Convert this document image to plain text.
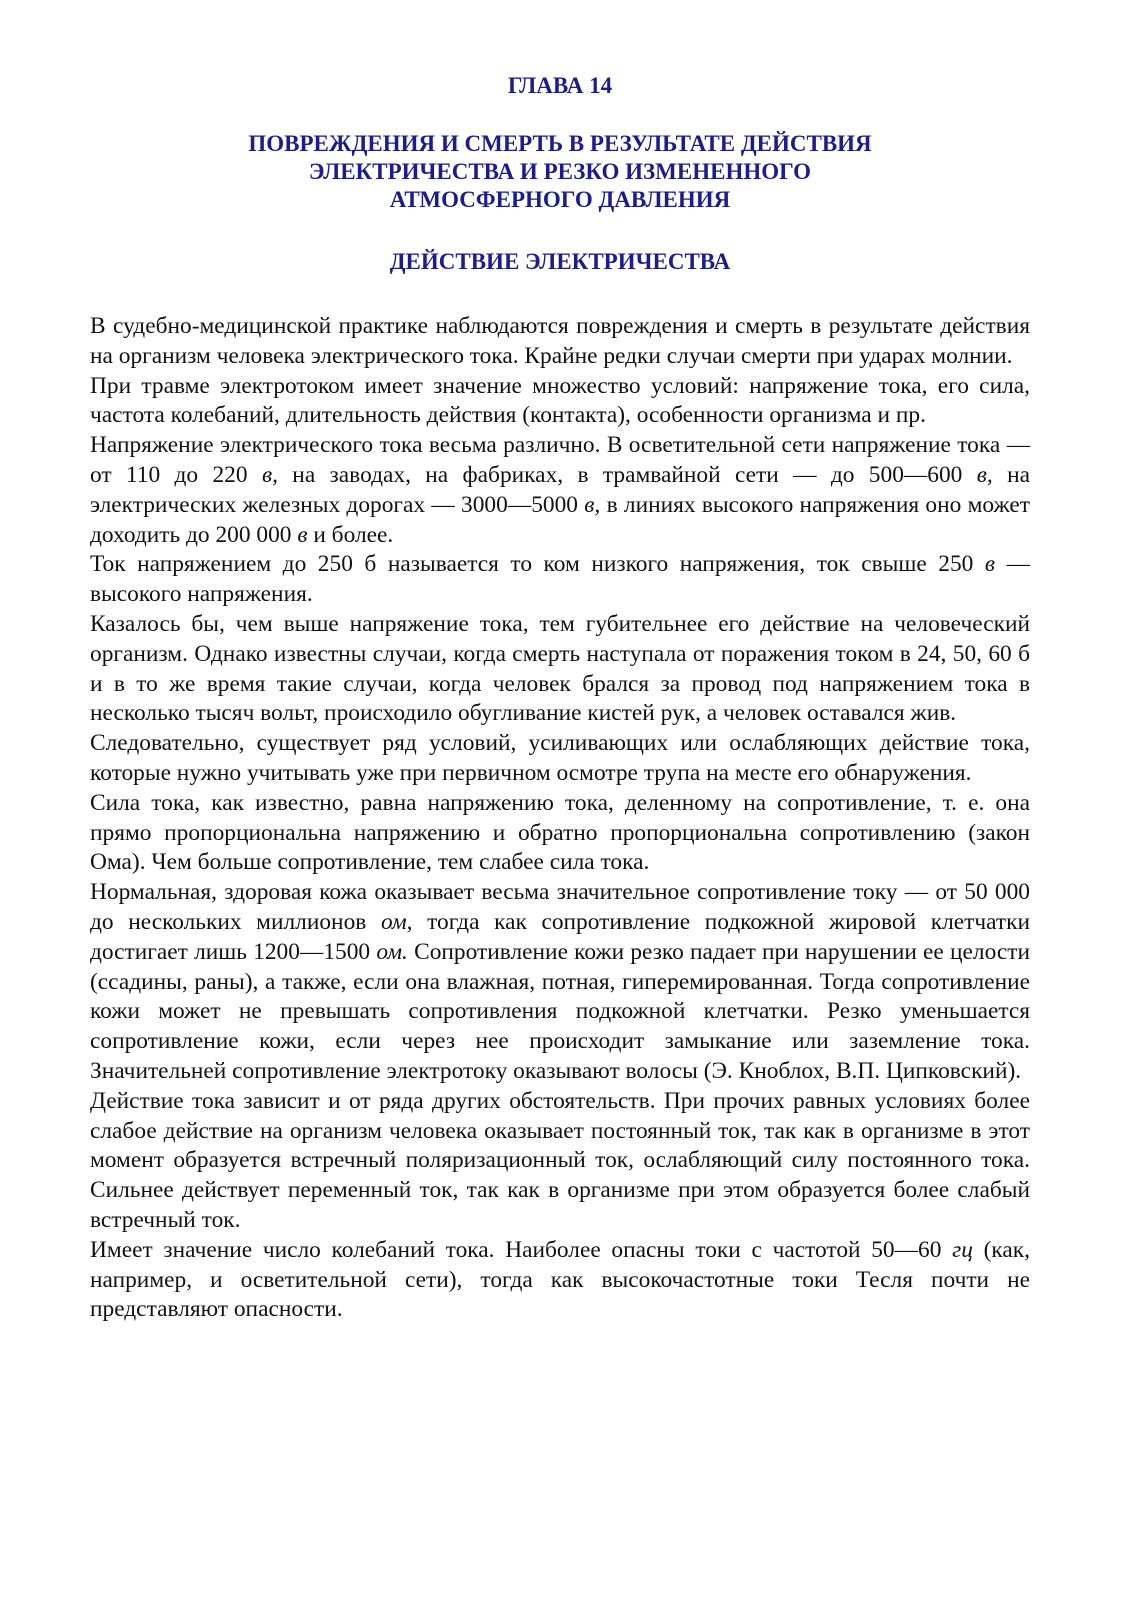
ГЛАВА 14
ПОВРЕЖДЕНИЯ И СМЕРТЬ В РЕЗУЛЬТАТЕ ДЕЙСТВИЯ
ЭЛЕКТРИЧЕСТВА И РЕЗКО ИЗМЕНЕННОГО
АТМОСФЕРНОГО ДАВЛЕНИЯ
ДЕЙСТВИЕ ЭЛЕКТРИЧЕСТВА

В судебно-медицинской практике наблюдаются повреждения и смерть в результате действия на организм человека электрического тока. Крайне редки случаи смерти при ударах молнии.

При травме электротоком имеет значение множество условий: напряжение тока, его сила, частота колебаний, длительность действия (контакта), особенности организма и пр.

Напряжение электрического тока весьма различно. В осветительной сети напряжение тока — от 110 до 220 в, на заводах, на фабриках, в трамвайной сети — до 500—600 в, на электрических железных дорогах — 3000—5000 в, в линиях высокого напряжения оно может доходить до 200 000 в и более.

Ток напряжением до 250 б называется то ком низкого напряжения, ток свыше 250 в — высокого напряжения.

Казалось бы, чем выше напряжение тока, тем губительнее его действие на человеческий организм. Однако известны случаи, когда смерть наступала от поражения током в 24, 50, 60 б и в то же время такие случаи, когда человек брался за провод под напряжением тока в несколько тысяч вольт, происходило обугливание кистей рук, а человек оставался жив.

Следовательно, существует ряд условий, усиливающих или ослабляющих действие тока, которые нужно учитывать уже при первичном осмотре трупа на месте его обнаружения.

Сила тока, как известно, равна напряжению тока, деленному на сопротивление, т. е. она прямо пропорциональна напряжению и обратно пропорциональна сопротивлению (закон Ома). Чем больше сопротивление, тем слабее сила тока.

Нормальная, здоровая кожа оказывает весьма значительное сопротивление току — от 50 000 до нескольких миллионов ом, тогда как сопротивление подкожной жировой клетчатки достигает лишь 1200—1500 ом. Сопротивление кожи резко падает при нарушении ее целости (ссадины, раны), а также, если она влажная, потная, гиперемированная. Тогда сопротивление кожи может не превышать сопротивления подкожной клетчатки. Резко уменьшается сопротивление кожи, если через нее происходит замыкание или заземление тока. Значительней сопротивление электротоку оказывают волосы (Э. Кноблох, В.П. Ципковский).

Действие тока зависит и от ряда других обстоятельств. При прочих равных условиях более слабое действие на организм человека оказывает постоянный ток, так как в организме в этот момент образуется встречный поляризационный ток, ослабляющий силу постоянного тока. Сильнее действует переменный ток, так как в организме при этом образуется более слабый встречный ток.

Имеет значение число колебаний тока. Наиболее опасны токи с частотой 50—60 гц (как, например, и осветительной сети), тогда как высокочастотные токи Тесля почти не представляют опасности.
